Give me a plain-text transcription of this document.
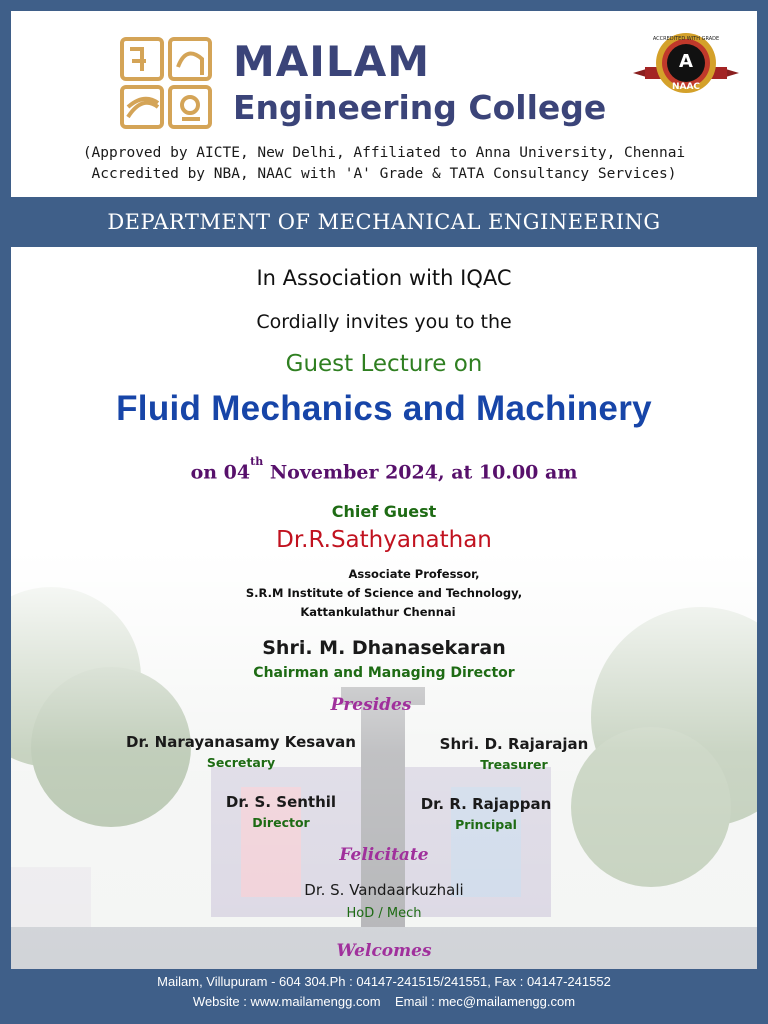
MAILAM
Engineering College
ACCREDITED WITH GRADE
A
NAAC
(Approved by AICTE, New Delhi, Affiliated to Anna University, Chennai
Accredited by NBA, NAAC with 'A' Grade & TATA Consultancy Services)
DEPARTMENT OF MECHANICAL ENGINEERING
In Association with IQAC
Cordially invites you to the
Guest Lecture on
Fluid Mechanics and Machinery
on 04th November 2024, at 10.00 am
Chief Guest
Dr.R.Sathyanathan
Associate Professor,
S.R.M Institute of Science and Technology,
Kattankulathur Chennai
Shri. M. Dhanasekaran
Chairman and Managing Director
Presides
Dr. Narayanasamy Kesavan
Secretary
Shri. D. Rajarajan
Treasurer
Dr. S. Senthil
Director
Dr. R. Rajappan
Principal
Felicitate
Dr. S. Vandaarkuzhali
HoD / Mech
Welcomes
Mailam, Villupuram - 604 304.Ph : 04147-241515/241551, Fax : 04147-241552
Website : www.mailamengg.com    Email : mec@mailamengg.com
